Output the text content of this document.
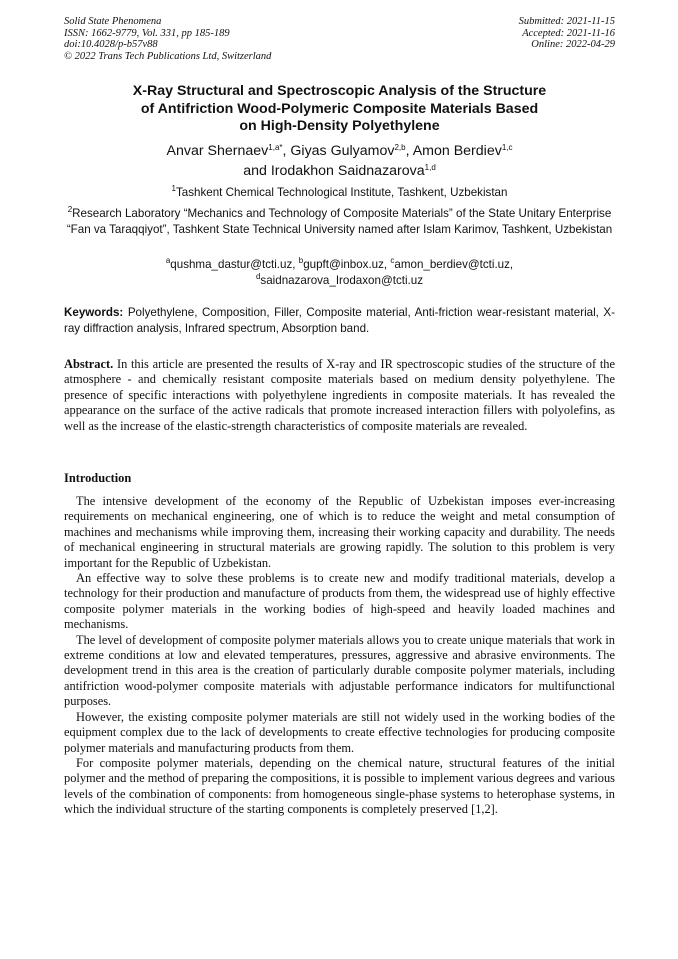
Solid State Phenomena
ISSN: 1662-9779, Vol. 331, pp 185-189
doi:10.4028/p-b57v88
© 2022 Trans Tech Publications Ltd, Switzerland
Submitted: 2021-11-15
Accepted: 2021-11-16
Online: 2022-04-29
X-Ray Structural and Spectroscopic Analysis of the Structure
of Antifriction Wood-Polymeric Composite Materials Based
on High-Density Polyethylene
Anvar Shernaev$^{1,a*}$, Giyas Gulyamov$^{2,b}$, Amon Berdiev$^{1,c}$
and Irodakhon Saidnazarova$^{1,d}$
$^1$Tashkent Chemical Technological Institute, Tashkent, Uzbekistan
$^2$Research Laboratory “Mechanics and Technology of Composite Materials” of the State Unitary Enterprise “Fan va Taraqqiyot”, Tashkent State Technical University named after Islam Karimov, Tashkent, Uzbekistan
$^a$qushma_dastur@tcti.uz, $^b$gupft@inbox.uz, $^c$amon_berdiev@tcti.uz,
$^d$saidnazarova_Irodaxon@tcti.uz
Keywords: Polyethylene, Composition, Filler, Composite material, Anti-friction wear-resistant material, X-ray diffraction analysis, Infrared spectrum, Absorption band.
Abstract. In this article are presented the results of X-ray and IR spectroscopic studies of the structure of the atmosphere - and chemically resistant composite materials based on medium density polyethylene. The presence of specific interactions with polyethylene ingredients in composite materials. It has revealed the appearance on the surface of the active radicals that promote increased interaction fillers with polyolefins, as well as the increase of the elastic-strength characteristics of composite materials are revealed.
Introduction

The intensive development of the economy of the Republic of Uzbekistan imposes ever-increasing requirements on mechanical engineering, one of which is to reduce the weight and metal consumption of machines and mechanisms while improving them, increasing their working capacity and durability. The needs of mechanical engineering in structural materials are growing rapidly. The solution to this problem is very important for the Republic of Uzbekistan.

An effective way to solve these problems is to create new and modify traditional materials, develop a technology for their production and manufacture of products from them, the widespread use of highly effective composite polymer materials in the working bodies of high-speed and heavily loaded machines and mechanisms.

The level of development of composite polymer materials allows you to create unique materials that work in extreme conditions at low and elevated temperatures, pressures, aggressive and abrasive environments. The development trend in this area is the creation of particularly durable composite polymer materials, including antifriction wood-polymer composite materials with adjustable performance indicators for multifunctional purposes.

However, the existing composite polymer materials are still not widely used in the working bodies of the equipment complex due to the lack of developments to create effective technologies for producing composite polymer materials and manufacturing products from them.

For composite polymer materials, depending on the chemical nature, structural features of the initial polymer and the method of preparing the compositions, it is possible to implement various degrees and various levels of the combination of components: from homogeneous single-phase systems to heterophase systems, in which the individual structure of the starting components is completely preserved [1,2].
